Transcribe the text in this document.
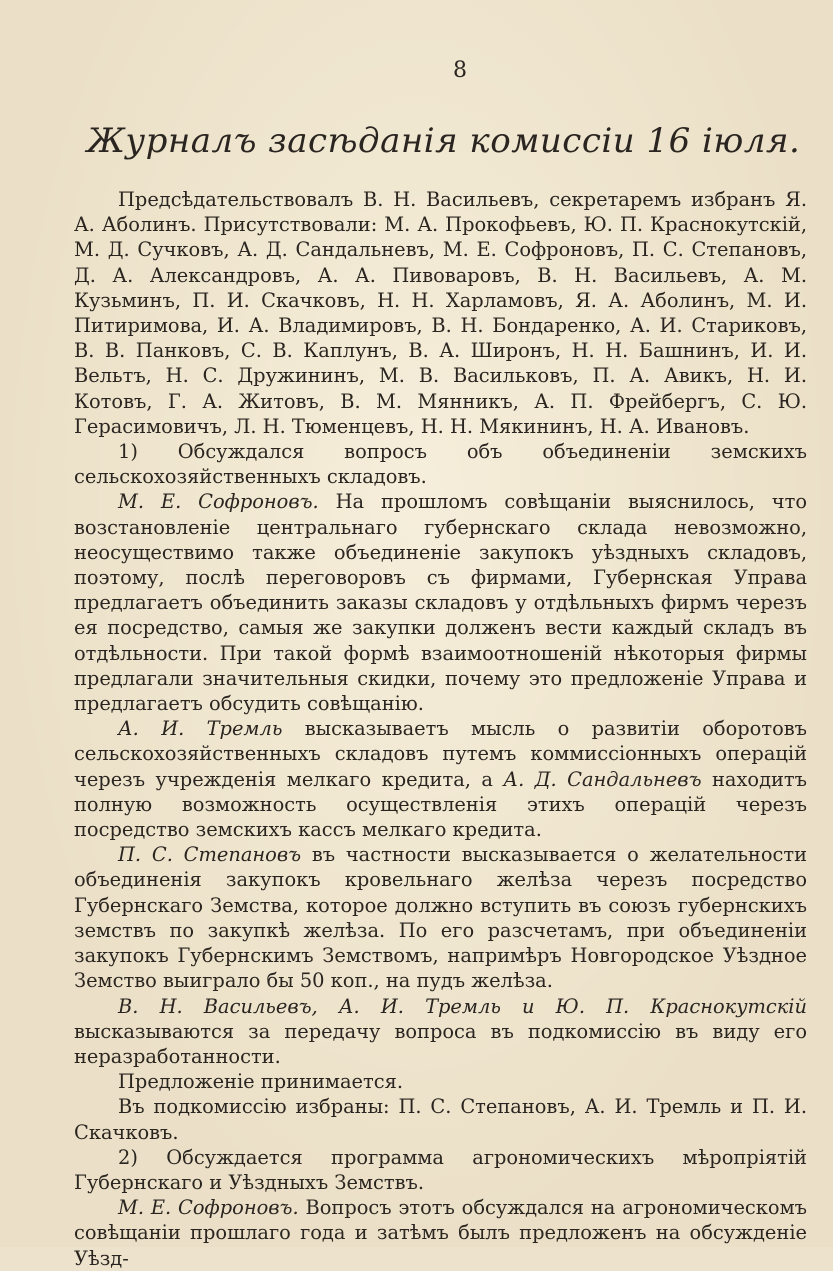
8
Журналъ засѣданія комиссіи 16 іюля.

Предсѣдательствовалъ В. Н. Васильевъ, секретаремъ избранъ Я. А. Аболинъ. Присутствовали: М. А. Прокофьевъ, Ю. П. Краснокутскій, М. Д. Сучковъ, А. Д. Сандальневъ, М. Е. Софроновъ, П. С. Степановъ, Д. А. Александровъ, А. А. Пивоваровъ, В. Н. Васильевъ, А. М. Кузьминъ, П. И. Скачковъ, Н. Н. Харламовъ, Я. А. Аболинъ, М. И. Питиримова, И. А. Владимировъ, В. Н. Бондаренко, А. И. Стариковъ, В. В. Панковъ, С. В. Каплунъ, В. А. Широнъ, Н. Н. Башнинъ, И. И. Вельтъ, Н. С. Дружининъ, М. В. Васильковъ, П. А. Авикъ, Н. И. Котовъ, Г. А. Житовъ, В. М. Мянникъ, А. П. Фрейбергъ, С. Ю. Герасимовичъ, Л. Н. Тюменцевъ, Н. Н. Мякининъ, Н. А. Ивановъ.

1) Обсуждался вопросъ объ объединеніи земскихъ сельскохозяйственныхъ складовъ.

М. Е. Софроновъ. На прошломъ совѣщаніи выяснилось, что возстановленіе центральнаго губернскаго склада невозможно, неосуществимо также объединеніе закупокъ уѣздныхъ складовъ, поэтому, послѣ переговоровъ съ фирмами, Губернская Управа предлагаетъ объединить заказы складовъ у отдѣльныхъ фирмъ черезъ ея посредство, самыя же закупки долженъ вести каждый складъ въ отдѣльности. При такой формѣ взаимоотношеній нѣкоторыя фирмы предлагали значительныя скидки, почему это предложеніе Управа и предлагаетъ обсудить совѣщанію.

А. И. Тремль высказываетъ мысль о развитіи оборотовъ сельскохозяйственныхъ складовъ путемъ коммиссіонныхъ операцій черезъ учрежденія мелкаго кредита, а А. Д. Сандальневъ находитъ полную возможность осуществленія этихъ операцій черезъ посредство земскихъ кассъ мелкаго кредита.

П. С. Степановъ въ частности высказывается о желательности объединенія закупокъ кровельнаго желѣза черезъ посредство Губернскаго Земства, которое должно вступить въ союзъ губернскихъ земствъ по закупкѣ желѣза. По его разсчетамъ, при объединеніи закупокъ Губернскимъ Земствомъ, напримѣръ Новгородское Уѣздное Земство выиграло бы 50 коп., на пудъ желѣза.

В. Н. Васильевъ, А. И. Тремль и Ю. П. Краснокутскій высказываются за передачу вопроса въ подкомиссію въ виду его неразработанности.

Предложеніе принимается.

Въ подкомиссію избраны: П. С. Степановъ, А. И. Тремль и П. И. Скачковъ.

2) Обсуждается программа агрономическихъ мѣропріятій Губернскаго и Уѣздныхъ Земствъ.

М. Е. Софроновъ. Вопросъ этотъ обсуждался на агрономическомъ совѣщаніи прошлаго года и затѣмъ былъ предложенъ на обсужденіе Уѣзд-
